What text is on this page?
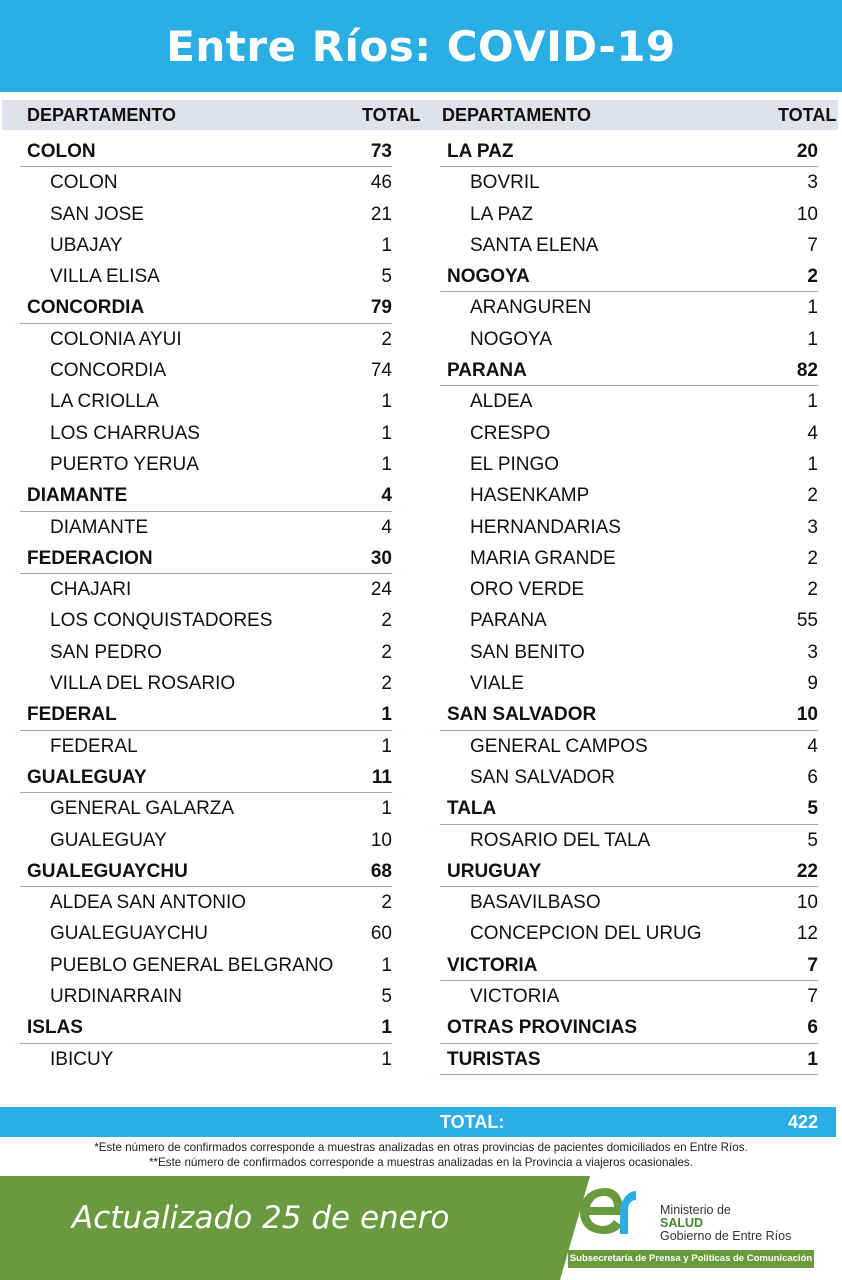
Entre Ríos: COVID-19
DEPARTAMENTO	TOTAL DEPARTAMENTO	TOTAL
COLON	73
COLON	46
SAN JOSE	21
UBAJAY	1
VILLA ELISA	5
CONCORDIA	79
COLONIA AYUI	2
CONCORDIA	74
LA CRIOLLA	1
LOS CHARRUAS	1
PUERTO YERUA	1
DIAMANTE	4
DIAMANTE	4
FEDERACION	30
CHAJARI	24
LOS CONQUISTADORES	2
SAN PEDRO	2
VILLA DEL ROSARIO	2
FEDERAL	1
FEDERAL	1
GUALEGUAY	11
GENERAL GALARZA	1
GUALEGUAY	10
GUALEGUAYCHU	68
ALDEA SAN ANTONIO	2
GUALEGUAYCHU	60
PUEBLO GENERAL BELGRANO	1
URDINARRAIN	5
ISLAS	1
IBICUY	1
LA PAZ	20
BOVRIL	3
LA PAZ	10
SANTA ELENA	7
NOGOYA	2
ARANGUREN	1
NOGOYA	1
PARANA	82
ALDEA	1
CRESPO	4
EL PINGO	1
HASENKAMP	2
HERNANDARIAS	3
MARIA GRANDE	2
ORO VERDE	2
PARANA	55
SAN BENITO	3
VIALE	9
SAN SALVADOR	10
GENERAL CAMPOS	4
SAN SALVADOR	6
TALA	5
ROSARIO DEL TALA	5
URUGUAY	22
BASAVILBASO	10
CONCEPCION DEL URUG	12
VICTORIA	7
VICTORIA	7
OTRAS PROVINCIAS	6
TURISTAS	1
TOTAL:	422
*Este número de confirmados corresponde a muestras analizadas en otras provincias de pacientes domiciliados en Entre Ríos.
**Este número de confirmados corresponde a muestras analizadas en la Provincia a viajeros ocasionales.
Actualizado 25 de enero	Ministerio de
SALUD
Gobierno de Entre Ríos
Subsecretaría de Prensa y Políticas de Comunicación
